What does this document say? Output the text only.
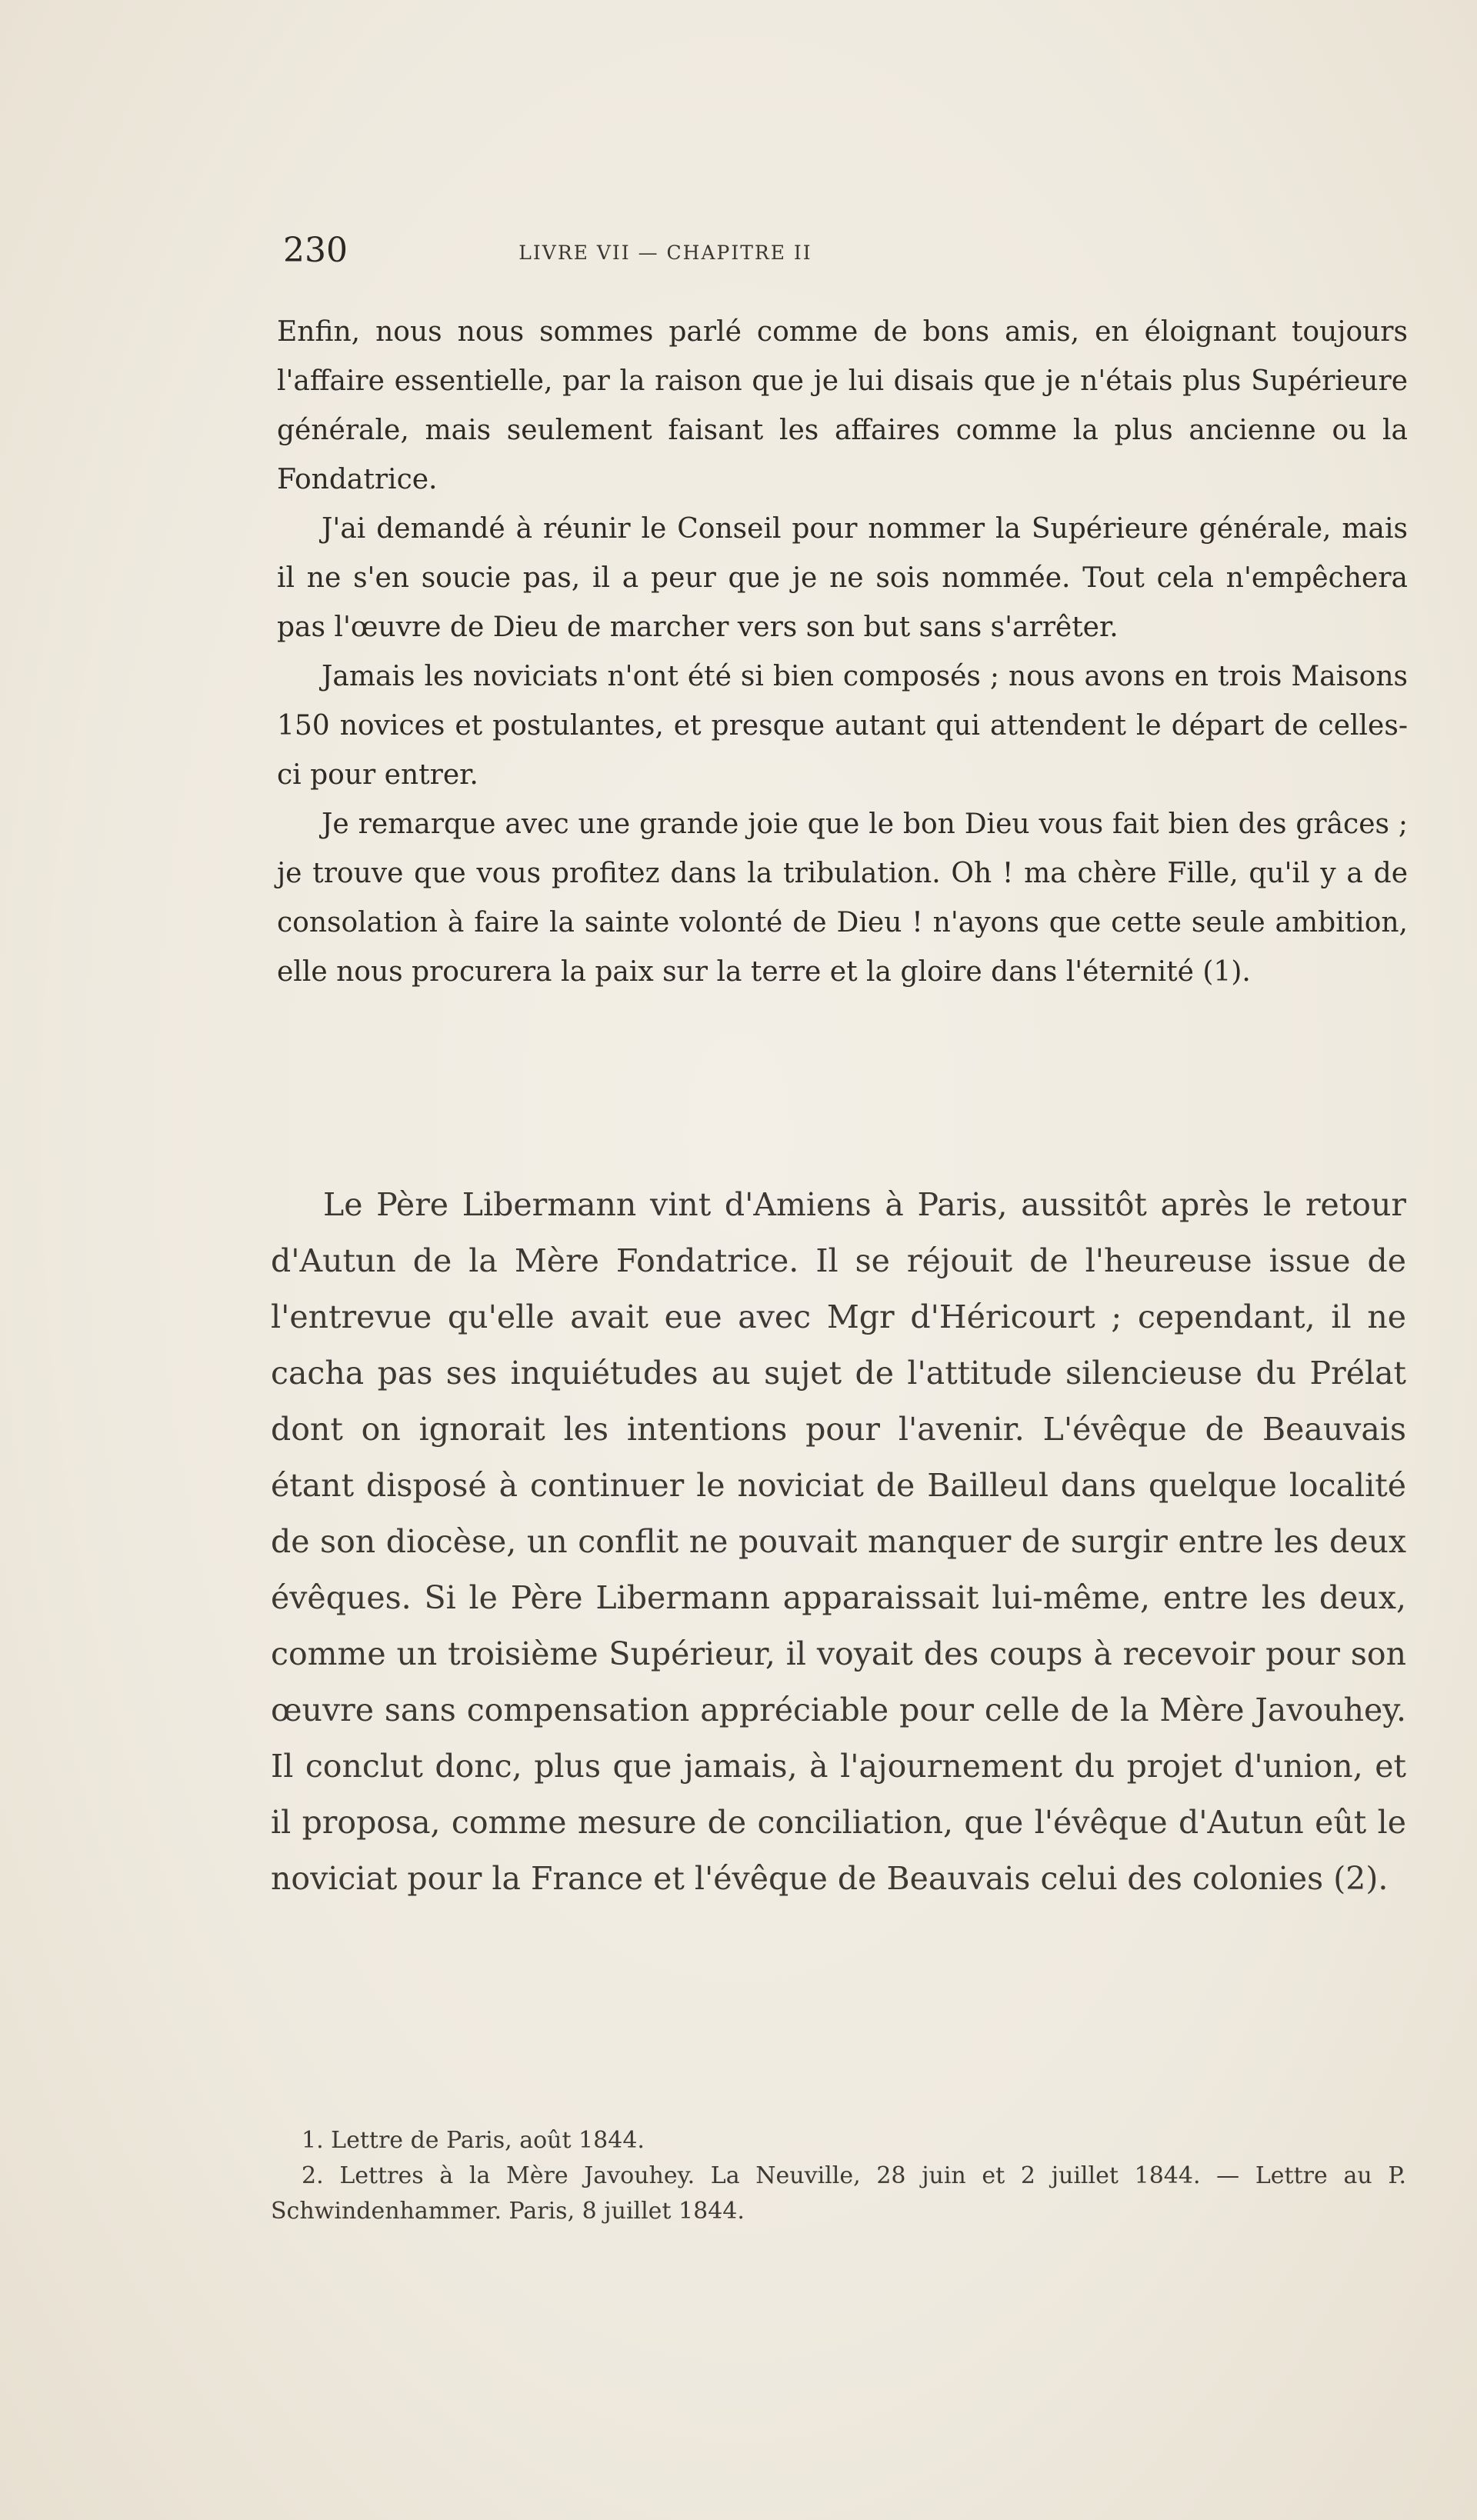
230	LIVRE VII — CHAPITRE II

Enfin, nous nous sommes parlé comme de bons amis, en éloignant toujours l'affaire essentielle, par la raison que je lui disais que je n'étais plus Supérieure générale, mais seulement faisant les affaires comme la plus ancienne ou la Fondatrice.

J'ai demandé à réunir le Conseil pour nommer la Supérieure générale, mais il ne s'en soucie pas, il a peur que je ne sois nommée. Tout cela n'empêchera pas l'œuvre de Dieu de marcher vers son but sans s'arrêter.

Jamais les noviciats n'ont été si bien composés ; nous avons en trois Maisons 150 novices et postulantes, et presque autant qui attendent le départ de celles-ci pour entrer.

Je remarque avec une grande joie que le bon Dieu vous fait bien des grâces ; je trouve que vous profitez dans la tribulation. Oh ! ma chère Fille, qu'il y a de consolation à faire la sainte volonté de Dieu ! n'ayons que cette seule ambition, elle nous procurera la paix sur la terre et la gloire dans l'éternité (1).

Le Père Libermann vint d'Amiens à Paris, aussitôt après le retour d'Autun de la Mère Fondatrice. Il se réjouit de l'heureuse issue de l'entrevue qu'elle avait eue avec Mgr d'Héricourt ; cependant, il ne cacha pas ses inquiétudes au sujet de l'attitude silencieuse du Prélat dont on ignorait les intentions pour l'avenir. L'évêque de Beauvais étant disposé à continuer le noviciat de Bailleul dans quelque localité de son diocèse, un conflit ne pouvait manquer de surgir entre les deux évêques. Si le Père Libermann apparaissait lui-même, entre les deux, comme un troisième Supérieur, il voyait des coups à recevoir pour son œuvre sans compensation appréciable pour celle de la Mère Javouhey. Il conclut donc, plus que jamais, à l'ajournement du projet d'union, et il proposa, comme mesure de conciliation, que l'évêque d'Autun eût le noviciat pour la France et l'évêque de Beauvais celui des colonies (2).

1. Lettre de Paris, août 1844.

2. Lettres à la Mère Javouhey. La Neuville, 28 juin et 2 juillet 1844. — Lettre au P. Schwindenhammer. Paris, 8 juillet 1844.
